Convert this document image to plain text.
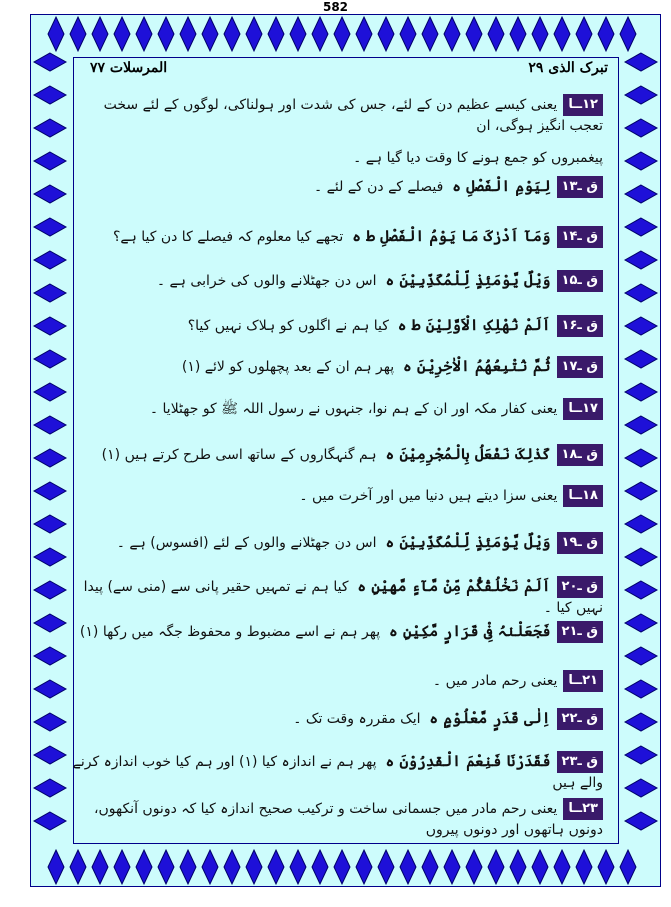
582
المرسلات ۷۷	تبرک الذی ۲۹
۱۲ــایعنی کیسے عظیم دن کے لئے، جس کی شدت اور ہولناکی، لوگوں کے لئے سخت تعجب انگیز ہوگی، ان
پیغمبروں کو جمع ہونے کا وقت دیا گیا ہے ۔
ق ـ۱۳لِیَوْمِ الْفَصْلِ ہ  فیصلے کے دن کے لئے ۔
ق ـ۱۴وَمَآ اَدْرٰکَ مَا یَوْمُ الْفَصْلِ ط ہ  تجھے کیا معلوم کہ فیصلے کا دن کیا ہے؟
ق ـ۱۵وَیْلٌ یَّوْمَئِذٍ لِّلْمُکَذِّبِیْنَ ہ  اس دن جھٹلانے والوں کی خرابی ہے ۔
ق ـ۱۶اَلَمْ نُھْلِکِ الْاَوَّلِیْنَ ط ہ  کیا ہم نے اگلوں کو ہلاک نہیں کیا؟
ق ـ۱۷ثُمَّ نُتْبِعُھُمُ الْاٰخِرِیْنَ ہ  پھر ہم ان کے بعد پچھلوں کو لائے (۱)
۱۷ــایعنی کفار مکہ اور ان کے ہم نوا، جنہوں نے رسول اللہ ﷺ کو جھٹلایا ۔
ق ـ۱۸کَذٰلِکَ نَفْعَلُ بِالْمُجْرِمِیْنَ ہ  ہم گنہگاروں کے ساتھ اسی طرح کرتے ہیں (۱)
۱۸ــایعنی سزا دیتے ہیں دنیا میں اور آخرت میں ۔
ق ـ۱۹وَیْلٌ یَّوْمَئِذٍ لِّلْمُکَذِّبِیْنَ ہ  اس دن جھٹلانے والوں کے لئے (افسوس) ہے ۔
ق ـ۲۰اَلَمْ نَخْلُقْکُّمْ مِّنْ مَّآءٍ مَّھِیْنٍ ہ  کیا ہم نے تمہیں حقیر پانی سے (منی سے) پیدا نہیں کیا ۔
ق ـ۲۱فَجَعَلْنٰہُ فِیْ قَرَارٍ مَّکِیْنٍ ہ  پھر ہم نے اسے مضبوط و محفوظ جگہ میں رکھا (۱)
۲۱ــایعنی رحم مادر میں ۔
ق ـ۲۲اِلٰی قَدَرٍ مَّعْلُوْمٍ ہ  ایک مقررہ وقت تک ۔
ق ـ۲۳فَقَدَرْنَا فَنِعْمَ الْقٰدِرُوْنَ ہ  پھر ہم نے اندازہ کیا (۱) اور ہم کیا خوب اندازہ کرنے والے ہیں
۲۳ــایعنی رحم مادر میں جسمانی ساخت و ترکیب صحیح اندازہ کیا کہ دونوں آنکھوں، دونوں ہاتھوں اور دونوں پیروں
